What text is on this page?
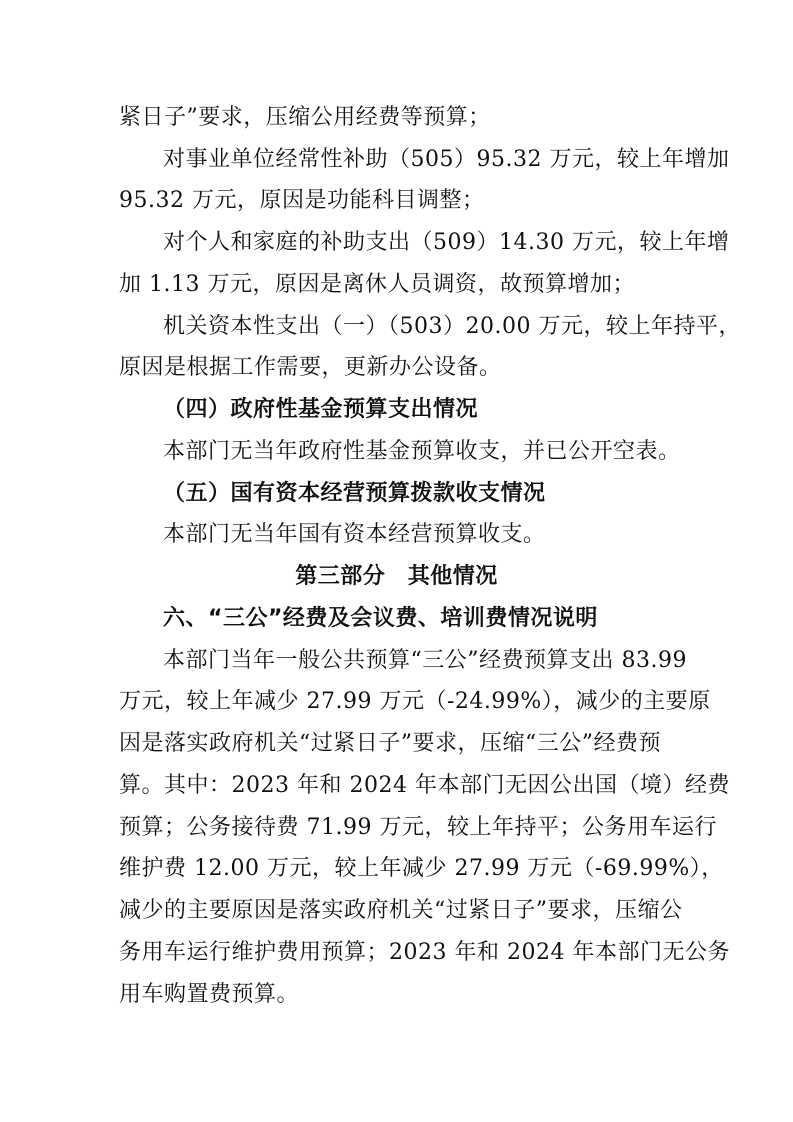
紧日子”要求，压缩公用经费等预算；
对事业单位经常性补助（505）95.32 万元，较上年增加
95.32 万元，原因是功能科目调整；
对个人和家庭的补助支出（509）14.30 万元，较上年增
加 1.13 万元，原因是离休人员调资，故预算增加；
机关资本性支出（一）（503）20.00 万元，较上年持平，
原因是根据工作需要，更新办公设备。
（四）政府性基金预算支出情况
本部门无当年政府性基金预算收支，并已公开空表。
（五）国有资本经营预算拨款收支情况
本部门无当年国有资本经营预算收支。
第三部分　其他情况
六、“三公”经费及会议费、培训费情况说明
本部门当年一般公共预算“三公”经费预算支出 83.99
万元，较上年减少 27.99 万元（-24.99%），减少的主要原
因是落实政府机关“过紧日子”要求，压缩“三公”经费预
算。其中：2023 年和 2024 年本部门无因公出国（境）经费
预算；公务接待费 71.99 万元，较上年持平；公务用车运行
维护费 12.00 万元，较上年减少 27.99 万元（-69.99%），
减少的主要原因是落实政府机关“过紧日子”要求，压缩公
务用车运行维护费用预算；2023 年和 2024 年本部门无公务
用车购置费预算。
